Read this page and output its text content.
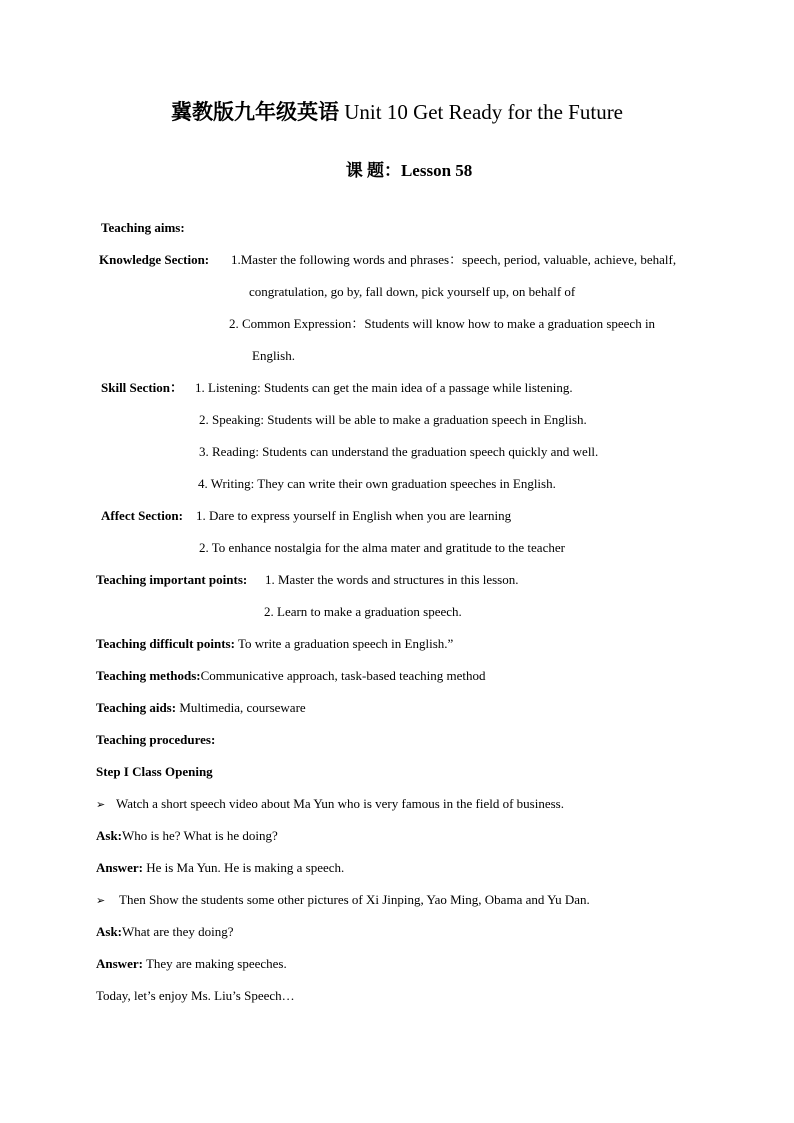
冀教版九年级英语 Unit 10 Get Ready for the Future
课 题：Lesson 58
Teaching aims:
Knowledge Section: 1.Master the following words and phrases：speech, period, valuable, achieve, behalf,
congratulation, go by, fall down, pick yourself up, on behalf of
2. Common Expression：Students will know how to make a graduation speech in
English.
Skill Section： 1. Listening: Students can get the main idea of a passage while listening.
2. Speaking: Students will be able to make a graduation speech in English.
3. Reading: Students can understand the graduation speech quickly and well.
4. Writing: They can write their own graduation speeches in English.
Affect Section: 1. Dare to express yourself in English when you are learning
2. To enhance nostalgia for the alma mater and gratitude to the teacher
Teaching important points: 1. Master the words and structures in this lesson.
2. Learn to make a graduation speech.
Teaching difficult points: To write a graduation speech in English.”
Teaching methods:Communicative approach, task-based teaching method
Teaching aids: Multimedia, courseware
Teaching procedures:
Step I Class Opening
➢ Watch a short speech video about Ma Yun who is very famous in the field of business.
Ask:Who is he? What is he doing?
Answer: He is Ma Yun. He is making a speech.
➢ Then Show the students some other pictures of Xi Jinping, Yao Ming, Obama and Yu Dan.
Ask:What are they doing?
Answer: They are making speeches.
Today, let’s enjoy Ms. Liu’s Speech…
